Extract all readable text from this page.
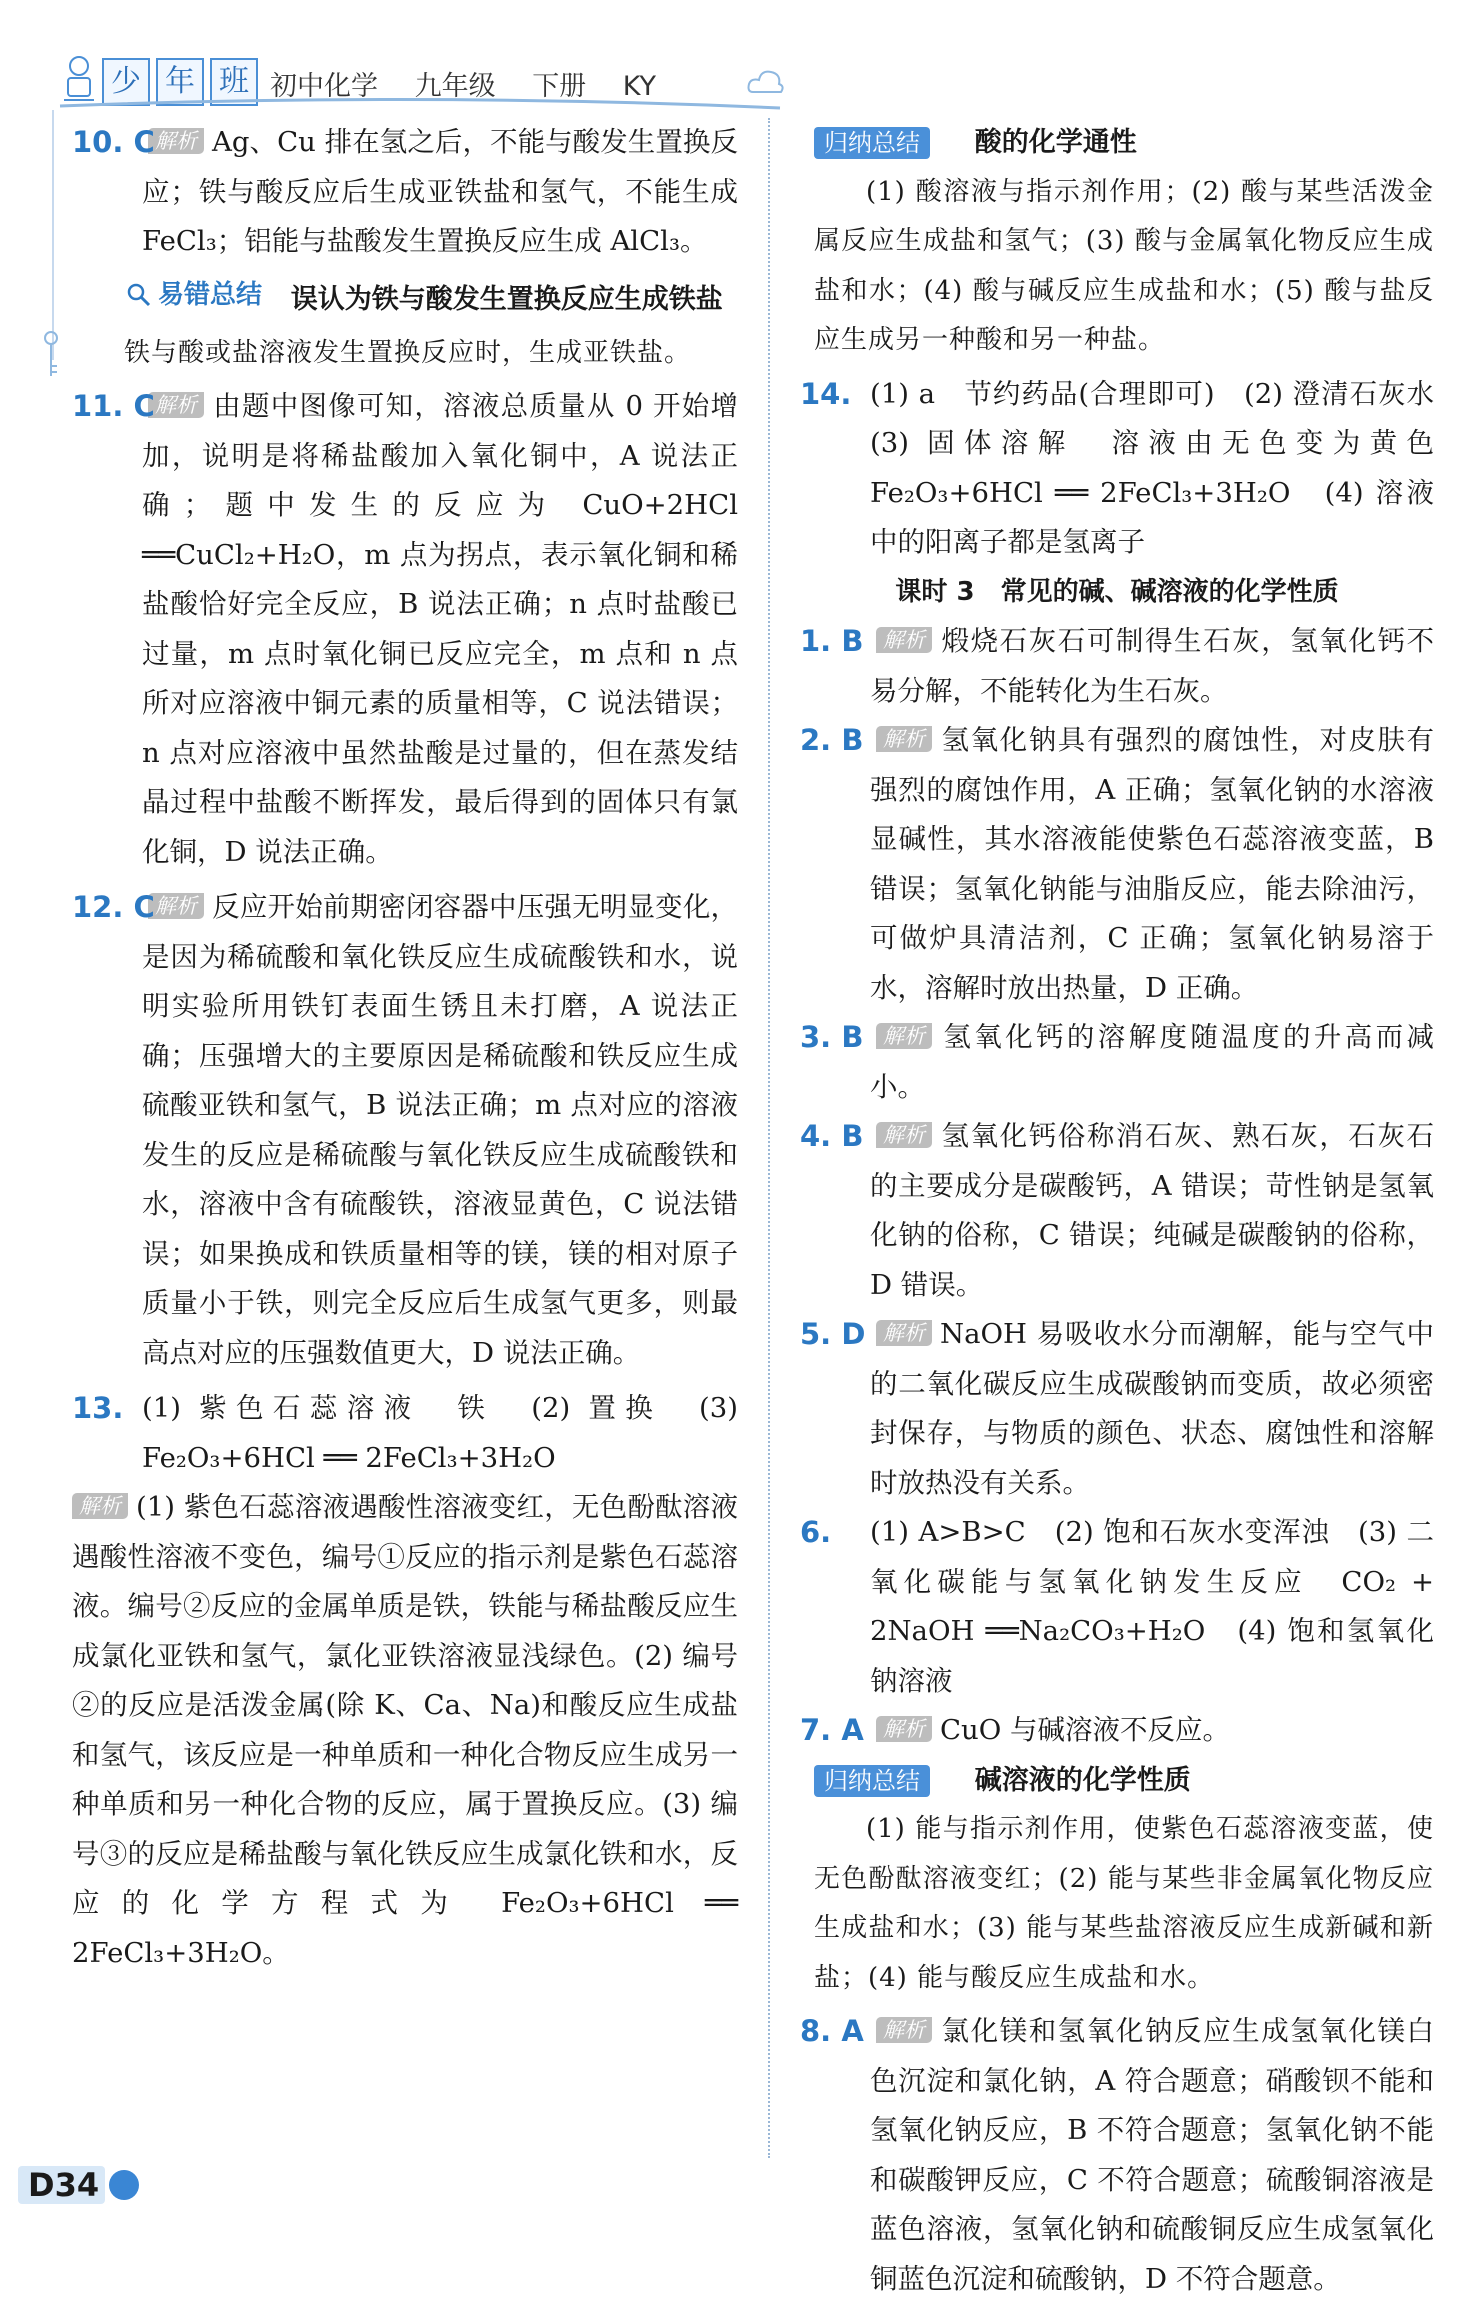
少 年 班 初中化学 九年级 下册 KY

10. C 解析 Ag、Cu 排在氢之后，不能与酸发生置换反应；铁与酸反应后生成亚铁盐和氢气，不能生成 FeCl₃；铝能与盐酸发生置换反应生成 AlCl₃。

易错总结 误认为铁与酸发生置换反应生成铁盐

铁与酸或盐溶液发生置换反应时，生成亚铁盐。

11. C 解析 由题中图像可知，溶液总质量从 0 开始增加，说明是将稀盐酸加入氧化铜中，A 说法正确；题中发生的反应为 CuO+2HCl ══CuCl₂+H₂O，m 点为拐点，表示氧化铜和稀盐酸恰好完全反应，B 说法正确；n 点时盐酸已过量，m 点时氧化铜已反应完全，m 点和 n 点所对应溶液中铜元素的质量相等，C 说法错误；n 点对应溶液中虽然盐酸是过量的，但在蒸发结晶过程中盐酸不断挥发，最后得到的固体只有氯化铜，D 说法正确。

12. C 解析 反应开始前期密闭容器中压强无明显变化，是因为稀硫酸和氧化铁反应生成硫酸铁和水，说明实验所用铁钉表面生锈且未打磨，A 说法正确；压强增大的主要原因是稀硫酸和铁反应生成硫酸亚铁和氢气，B 说法正确；m 点对应的溶液发生的反应是稀硫酸与氧化铁反应生成硫酸铁和水，溶液中含有硫酸铁，溶液显黄色，C 说法错误；如果换成和铁质量相等的镁，镁的相对原子质量小于铁，则完全反应后生成氢气更多，则最高点对应的压强数值更大，D 说法正确。

13. (1) 紫色石蕊溶液　铁　(2) 置换　(3) Fe₂O₃+6HCl ══ 2FeCl₃+3H₂O

解析 (1) 紫色石蕊溶液遇酸性溶液变红，无色酚酞溶液遇酸性溶液不变色，编号①反应的指示剂是紫色石蕊溶液。编号②反应的金属单质是铁，铁能与稀盐酸反应生成氯化亚铁和氢气，氯化亚铁溶液显浅绿色。(2) 编号②的反应是活泼金属(除 K、Ca、Na)和酸反应生成盐和氢气，该反应是一种单质和一种化合物反应生成另一种单质和另一种化合物的反应，属于置换反应。(3) 编号③的反应是稀盐酸与氧化铁反应生成氯化铁和水，反应的化学方程式为 Fe₂O₃+6HCl ══ 2FeCl₃+3H₂O。

归纳总结 酸的化学通性

(1) 酸溶液与指示剂作用；(2) 酸与某些活泼金属反应生成盐和氢气；(3) 酸与金属氧化物反应生成盐和水；(4) 酸与碱反应生成盐和水；(5) 酸与盐反应生成另一种酸和另一种盐。

14. (1) a　节约药品(合理即可)　(2) 澄清石灰水　(3) 固体溶解　溶液由无色变为黄色　Fe₂O₃+6HCl ══ 2FeCl₃+3H₂O　(4) 溶液中的阳离子都是氢离子

课时 3　常见的碱、碱溶液的化学性质

1. B 解析 煅烧石灰石可制得生石灰，氢氧化钙不易分解，不能转化为生石灰。

2. B 解析 氢氧化钠具有强烈的腐蚀性，对皮肤有强烈的腐蚀作用，A 正确；氢氧化钠的水溶液显碱性，其水溶液能使紫色石蕊溶液变蓝，B 错误；氢氧化钠能与油脂反应，能去除油污，可做炉具清洁剂，C 正确；氢氧化钠易溶于水，溶解时放出热量，D 正确。

3. B 解析 氢氧化钙的溶解度随温度的升高而减小。

4. B 解析 氢氧化钙俗称消石灰、熟石灰，石灰石的主要成分是碳酸钙，A 错误；苛性钠是氢氧化钠的俗称，C 错误；纯碱是碳酸钠的俗称，D 错误。

5. D 解析 NaOH 易吸收水分而潮解，能与空气中的二氧化碳反应生成碳酸钠而变质，故必须密封保存，与物质的颜色、状态、腐蚀性和溶解时放热没有关系。

6. (1) A>B>C　(2) 饱和石灰水变浑浊　(3) 二氧化碳能与氢氧化钠发生反应　CO₂ + 2NaOH ══Na₂CO₃+H₂O　(4) 饱和氢氧化钠溶液

7. A 解析 CuO 与碱溶液不反应。

归纳总结 碱溶液的化学性质

(1) 能与指示剂作用，使紫色石蕊溶液变蓝，使无色酚酞溶液变红；(2) 能与某些非金属氧化物反应生成盐和水；(3) 能与某些盐溶液反应生成新碱和新盐；(4) 能与酸反应生成盐和水。

8. A 解析 氯化镁和氢氧化钠反应生成氢氧化镁白色沉淀和氯化钠，A 符合题意；硝酸钡不能和氢氧化钠反应，B 不符合题意；氢氧化钠不能和碳酸钾反应，C 不符合题意；硫酸铜溶液是蓝色溶液，氢氧化钠和硫酸铜反应生成氢氧化铜蓝色沉淀和硫酸钠，D 不符合题意。

D34
